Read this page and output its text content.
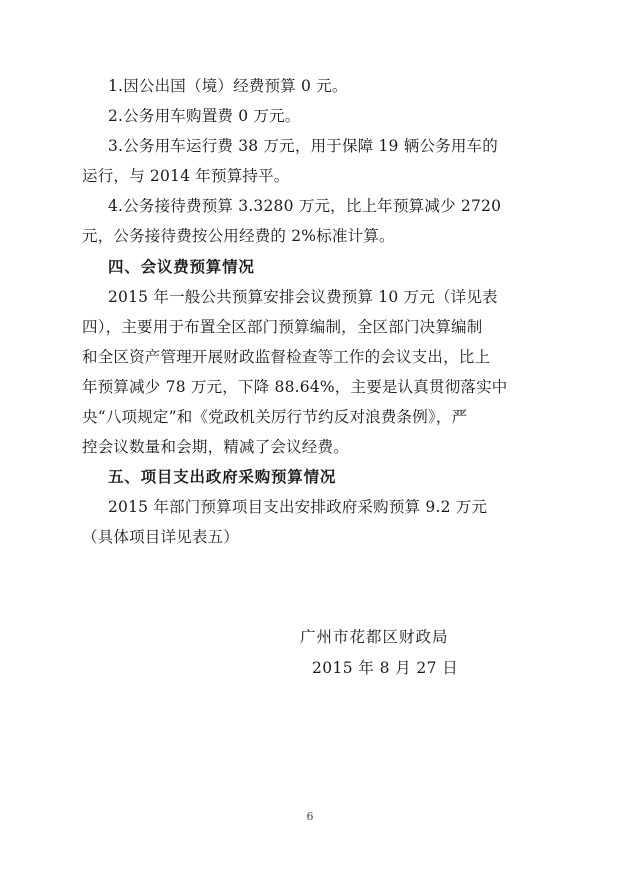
1.因公出国（境）经费预算 0 元。
2.公务用车购置费 0 万元。
3.公务用车运行费 38 万元，用于保障 19 辆公务用车的
运行，与 2014 年预算持平。
4.公务接待费预算 3.3280 万元，比上年预算减少 2720
元，公务接待费按公用经费的 2%标准计算。
四、会议费预算情况
2015 年一般公共预算安排会议费预算 10 万元（详见表
四），主要用于布置全区部门预算编制，全区部门决算编制
和全区资产管理开展财政监督检查等工作的会议支出，比上
年预算减少 78 万元，下降 88.64%，主要是认真贯彻落实中
央“八项规定”和《党政机关厉行节约反对浪费条例》，严
控会议数量和会期，精减了会议经费。
五、项目支出政府采购预算情况
2015 年部门预算项目支出安排政府采购预算 9.2 万元
（具体项目详见表五）
广州市花都区财政局
2015 年 8 月 27 日
6
